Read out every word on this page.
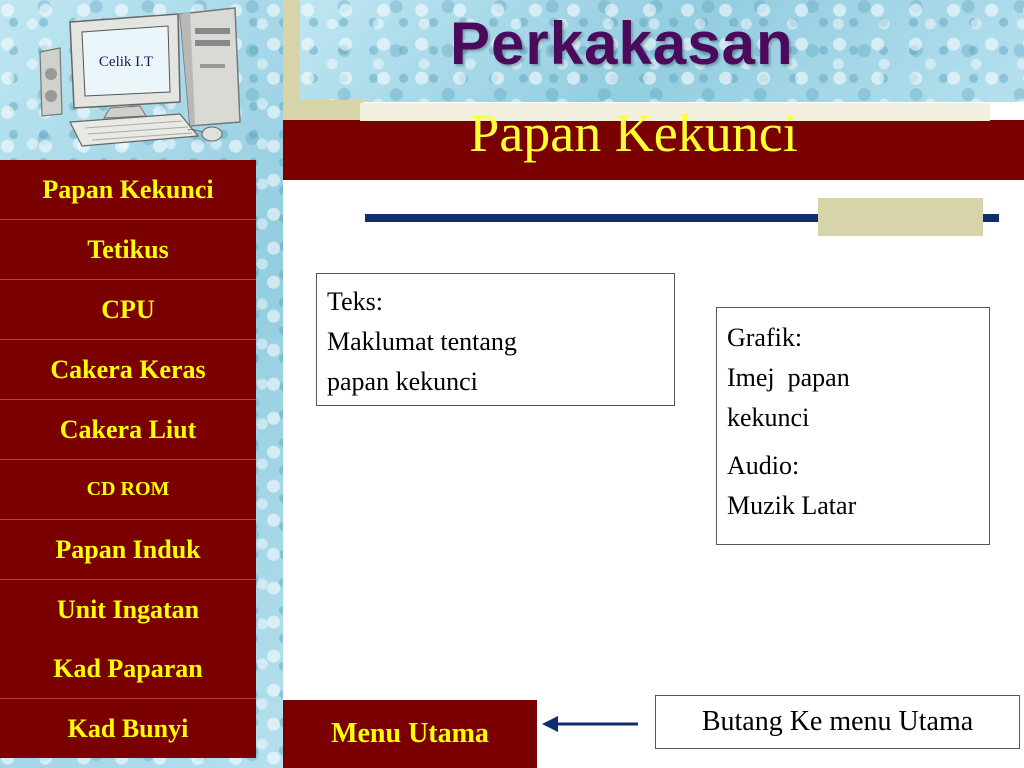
Celik I.T	Perkakasan
Papan Kekunci
Papan Kekunci
Tetikus
CPU
Cakera Keras
Cakera Liut
CD ROM
Papan Induk
Unit Ingatan
Kad Paparan
Kad Bunyi
Teks:
Maklumat tentang
papan kekunci
Grafik:
Imej  papan
kekunci
Audio:
Muzik Latar
Menu Utama	Butang Ke menu Utama
